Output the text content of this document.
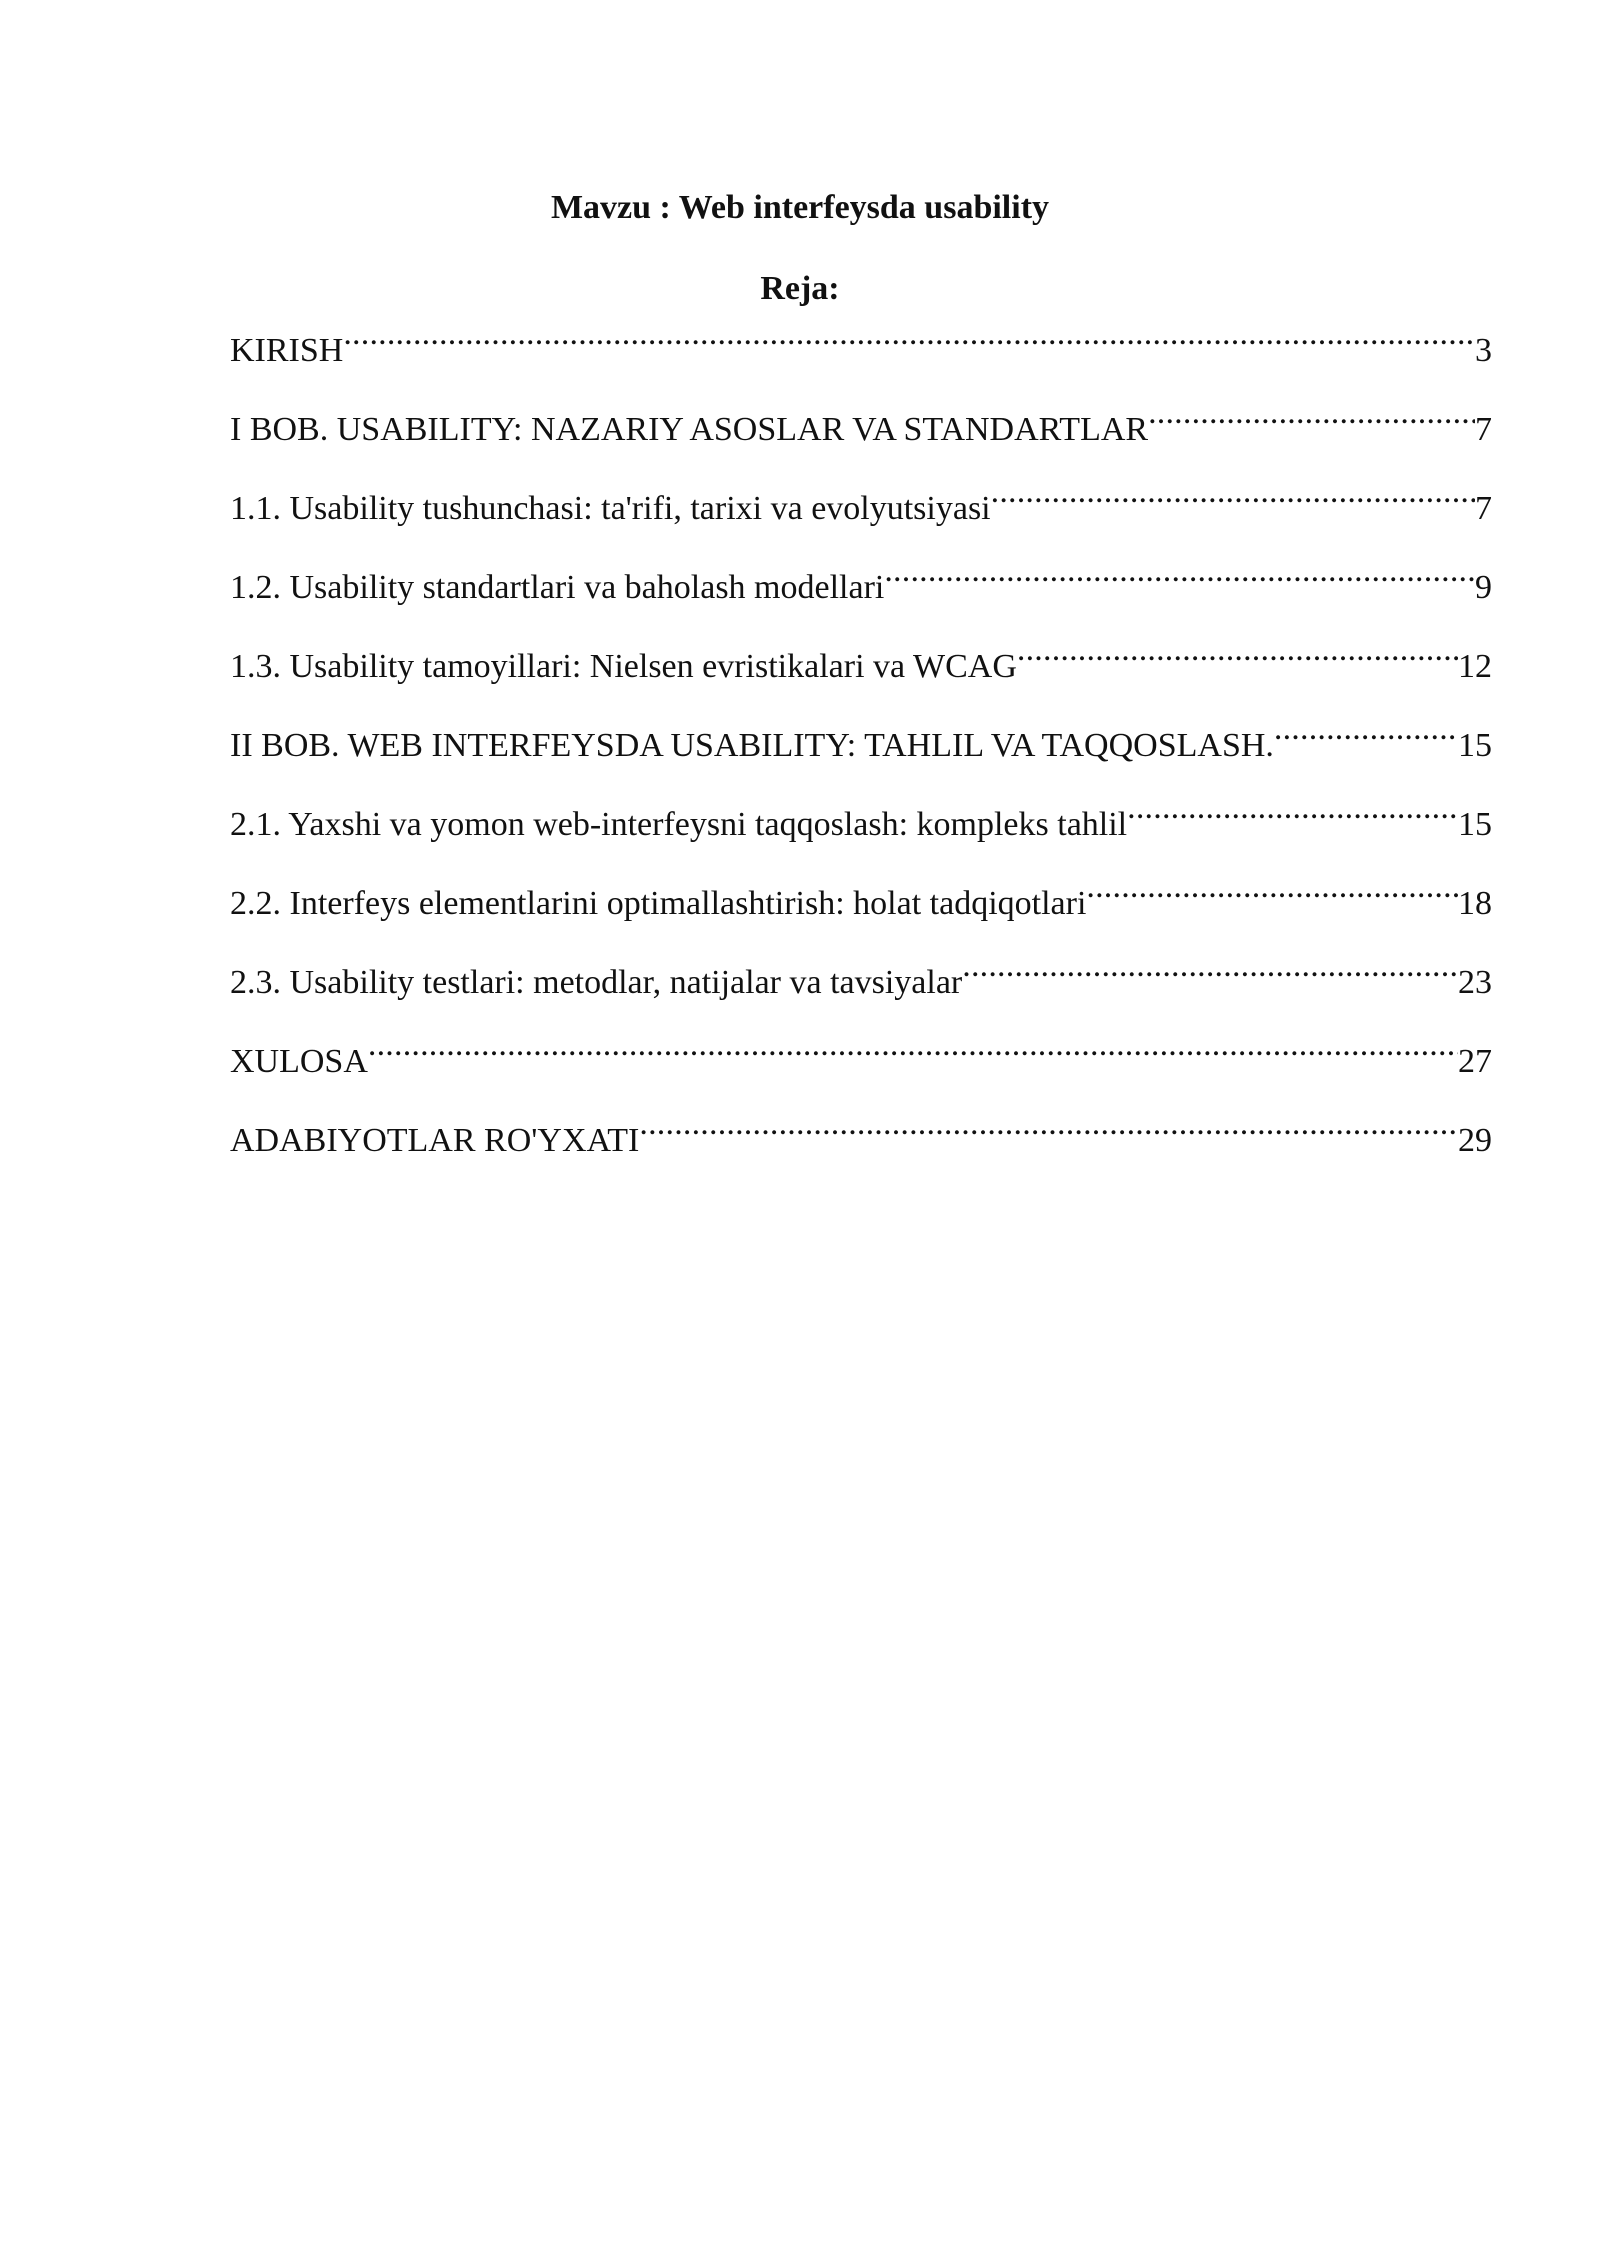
Mavzu : Web interfeysda usability
Reja:
KIRISH .....	3
I BOB. USABILITY: NAZARIY ASOSLAR VA STANDARTLAR .....	7
1.1. Usability tushunchasi: ta'rifi, tarixi va evolyutsiyasi .....	7
1.2. Usability standartlari va baholash modellari .....	9
1.3. Usability tamoyillari: Nielsen evristikalari va WCAG .....	12
II BOB. WEB INTERFEYSDA USABILITY: TAHLIL VA TAQQOSLASH. .....	15
2.1. Yaxshi va yomon web-interfeysni taqqoslash: kompleks tahlil .....	15
2.2. Interfeys elementlarini optimallashtirish: holat tadqiqotlari .....	18
2.3. Usability testlari: metodlar, natijalar va tavsiyalar .....	23
XULOSA .....	27
ADABIYOTLAR RO'YXATI .....	29
